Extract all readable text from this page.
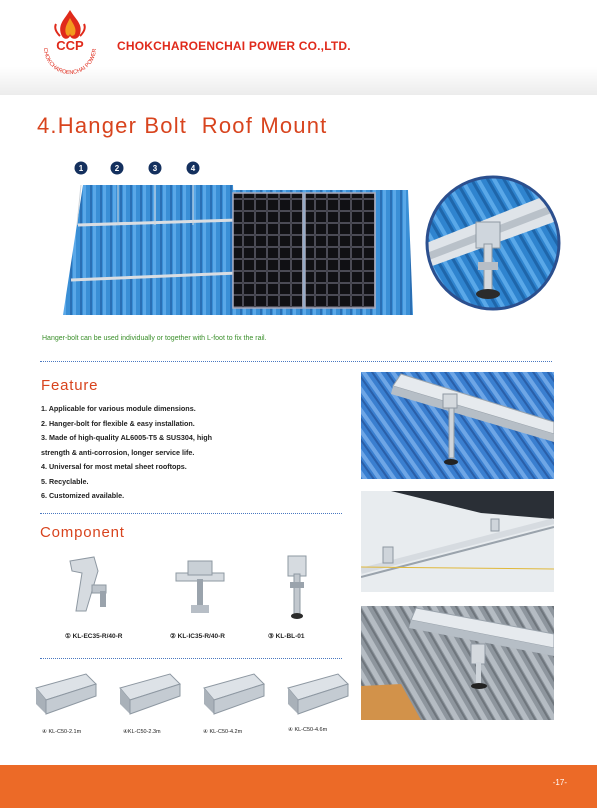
CCP
CHOKCHAROENCHAI POWER CHOKCHAROENCHAI POWER CO.,LTD.
4.Hanger Bolt  Roof Mount
1	2	3	4
Hanger-bolt can be used individually or together with L-foot to fix the rail.
Feature
1. Applicable for various module dimensions.
2. Hanger-bolt for flexible & easy installation.
3. Made of high-quality AL6005-T5 & SUS304, high
strength & anti-corrosion, longer service life.
4. Universal for most metal sheet rooftops.
5. Recyclable.
6. Customized available.
Component
① KL-EC35-R/40-R	② KL-IC35-R/40-R	③ KL-BL-01
④ KL-C50-2.1m	④KL-C50-2.3m	④ KL-C50-4.2m	④ KL-C50-4.6m
-17-
